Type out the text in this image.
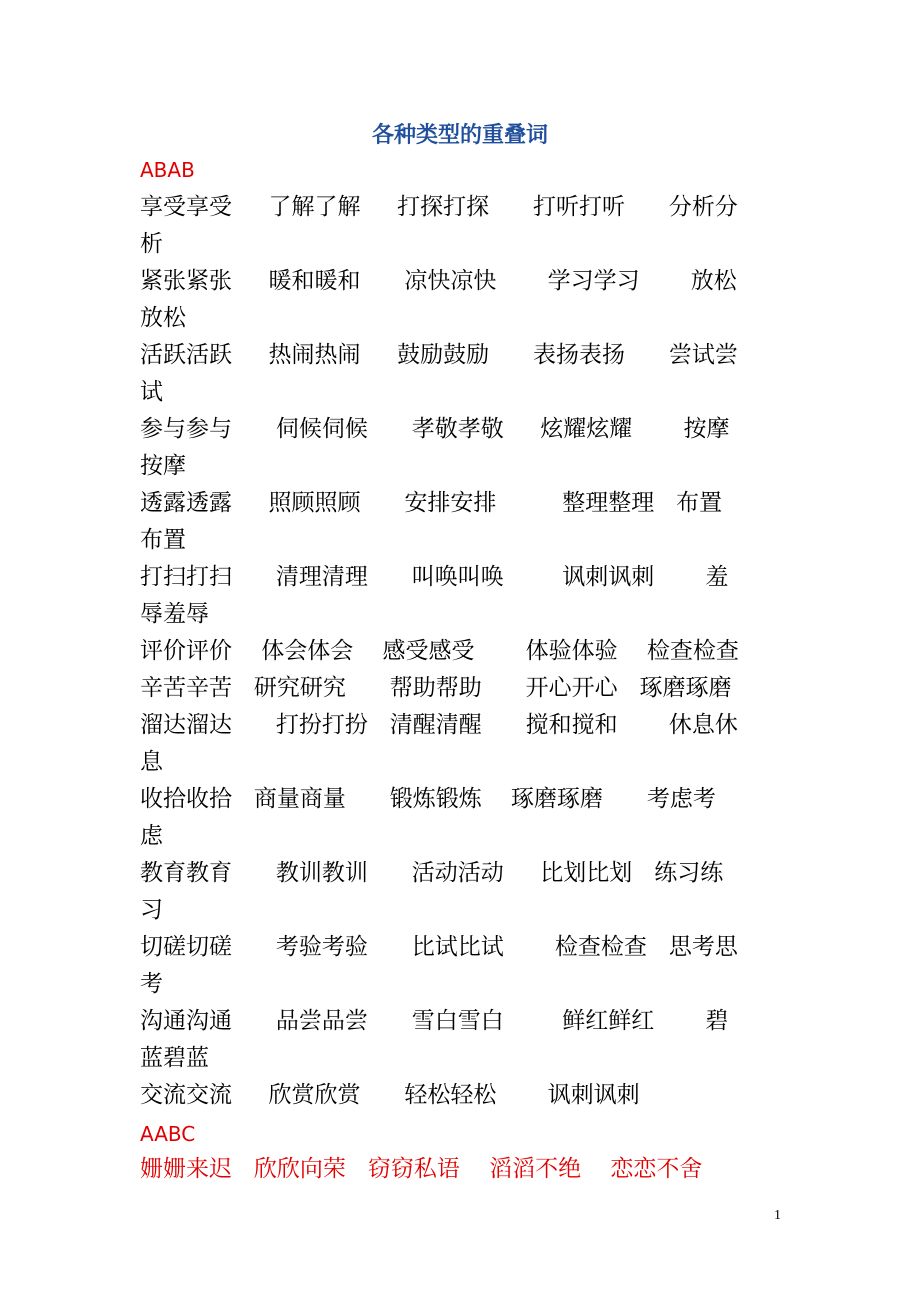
各种类型的重叠词
ABAB
享受享受     了解了解     打探打探      打听打听      分析分
析
紧张紧张     暖和暖和      凉快凉快       学习学习       放松
放松
活跃活跃     热闹热闹     鼓励鼓励      表扬表扬      尝试尝
试
参与参与      伺候伺候      孝敬孝敬     炫耀炫耀       按摩
按摩
透露透露     照顾照顾      安排安排         整理整理   布置
布置
打扫打扫      清理清理      叫唤叫唤        讽刺讽刺       羞
辱羞辱
评价评价    体会体会    感受感受       体验体验    检查检查
辛苦辛苦   研究研究      帮助帮助      开心开心   琢磨琢磨
溜达溜达      打扮打扮   清醒清醒      搅和搅和       休息休
息
收拾收拾   商量商量      锻炼锻炼    琢磨琢磨      考虑考
虑
教育教育      教训教训      活动活动     比划比划   练习练
习
切磋切磋      考验考验      比试比试       检查检查   思考思
考
沟通沟通      品尝品尝      雪白雪白        鲜红鲜红       碧
蓝碧蓝
交流交流     欣赏欣赏      轻松轻松       讽刺讽刺
AABC
姗姗来迟   欣欣向荣   窃窃私语    滔滔不绝    恋恋不舍
1
